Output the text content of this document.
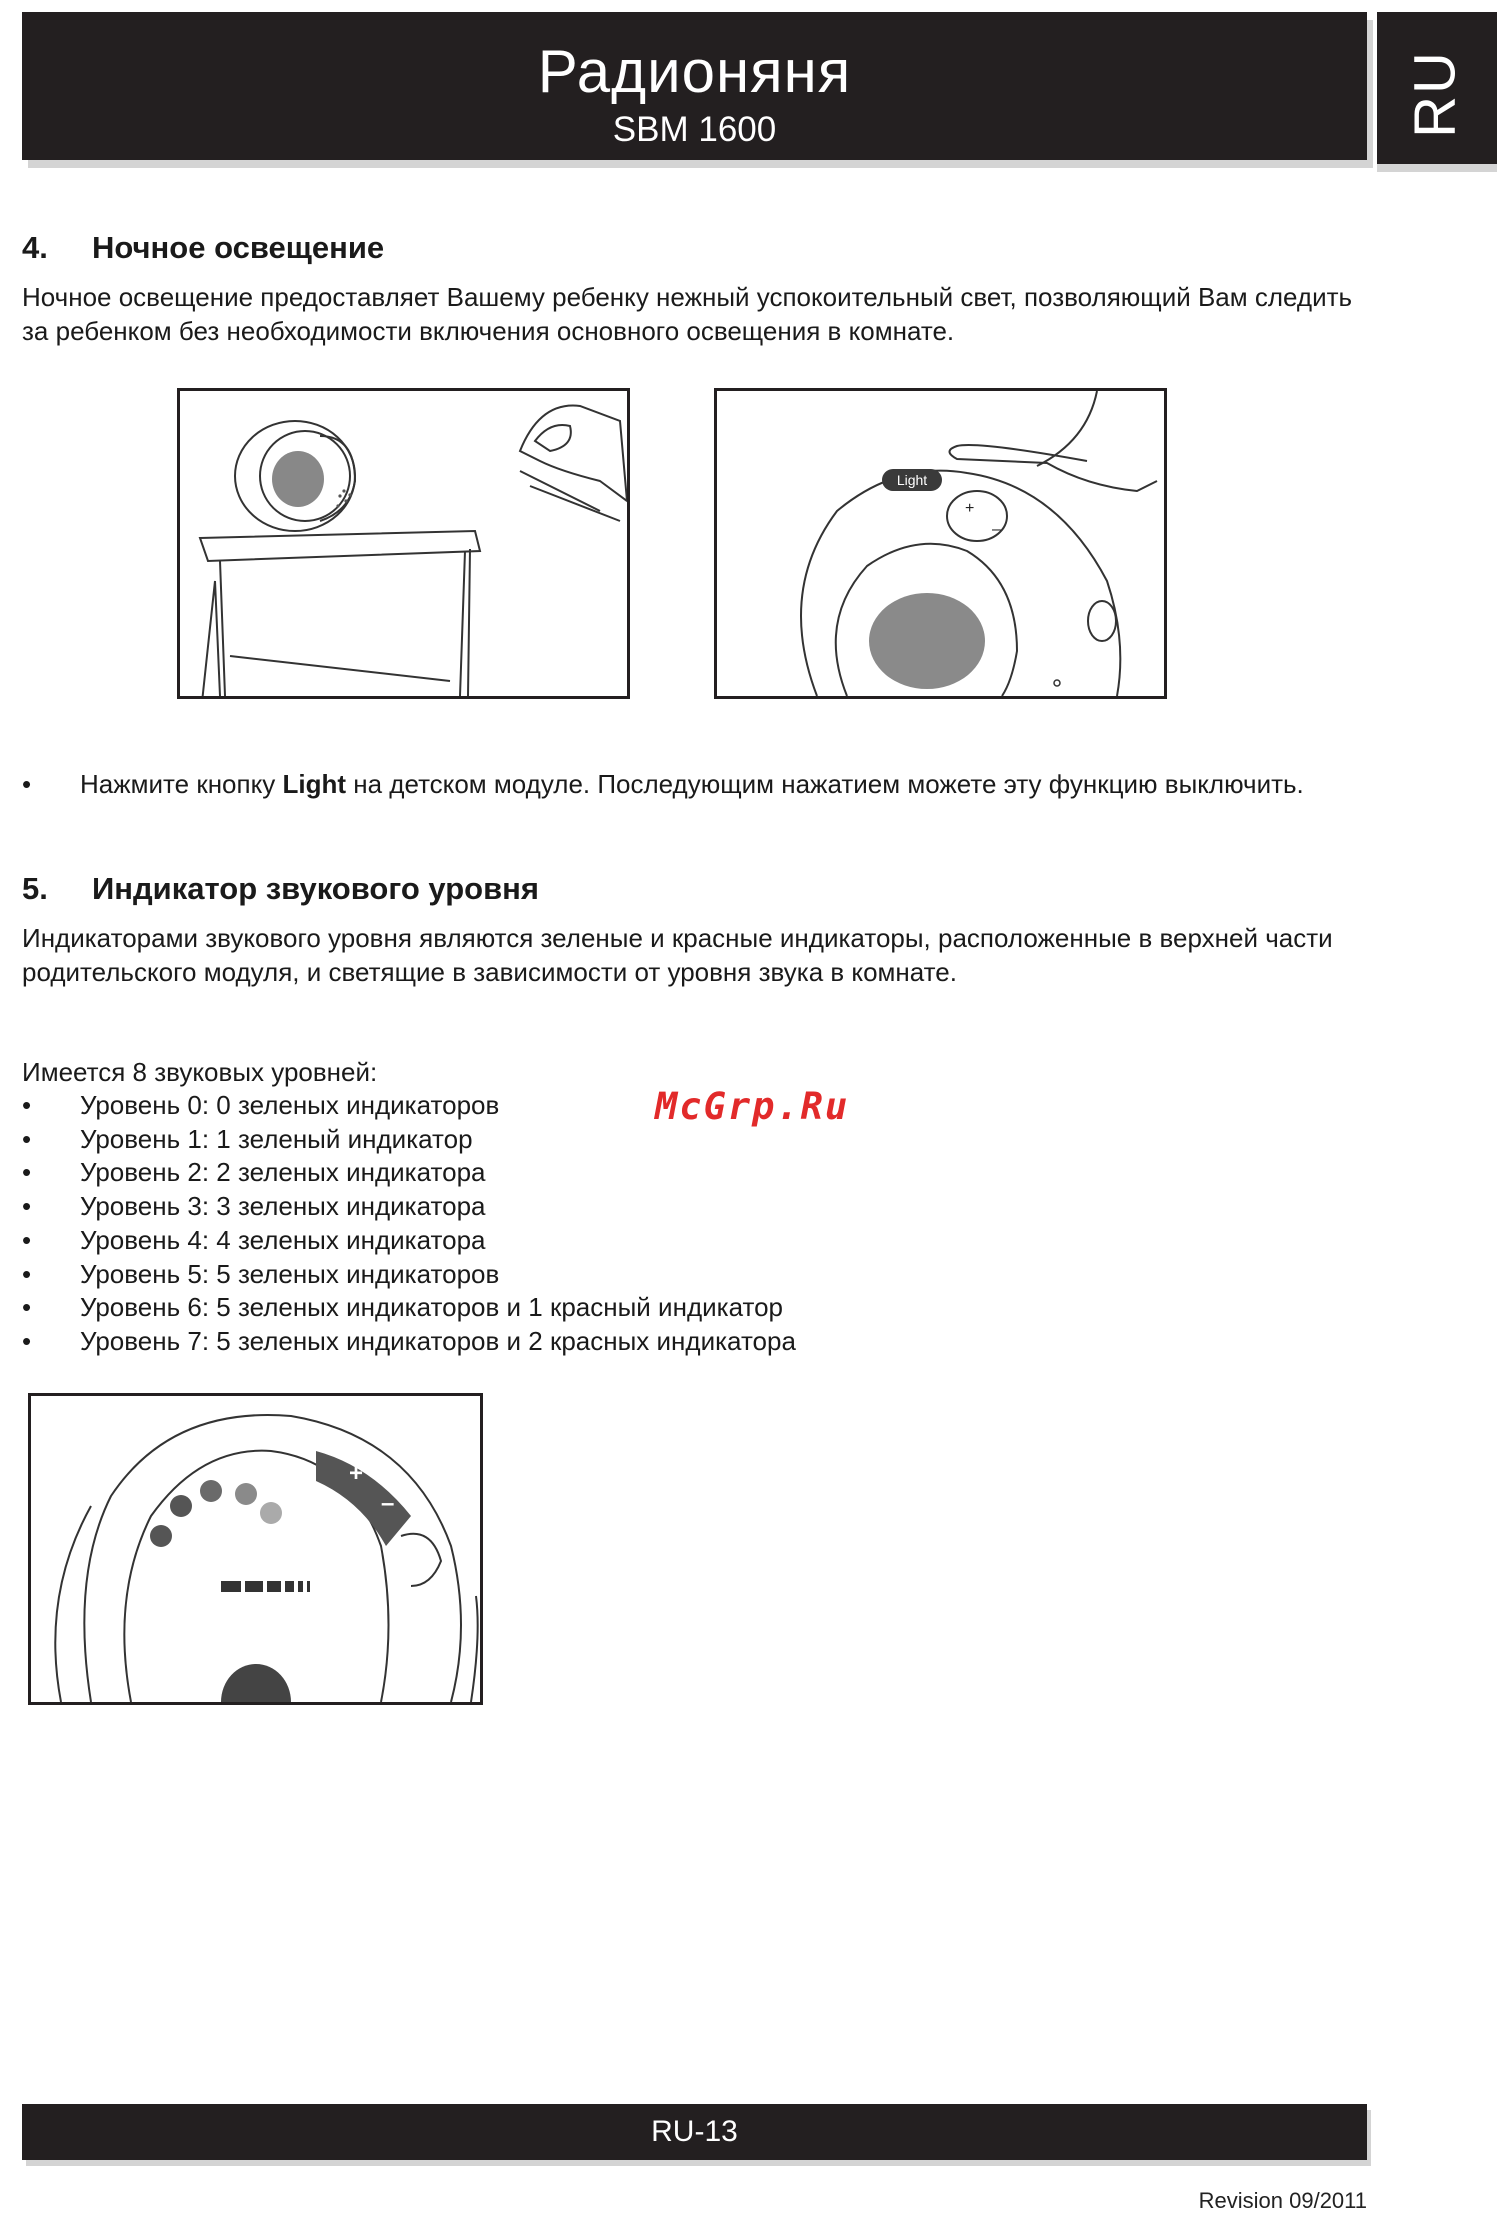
Радионяня
SBM 1600	RU
4. Ночное освещение

Ночное освещение предоставляет Вашему ребенку нежный успокоительный свет, позволяющий Вам следить за ребенком без необходимости включения основного освещения в комнате.

Light
+
–
• Нажмите кнопку Light на детском модуле. Последующим нажатием можете эту функцию выключить.
5. Индикатор звукового уровня

Индикаторами звукового уровня являются зеленые и красные индикаторы, расположенные в верхней части родительского модуля, и светящие в зависимости от уровня звука в комнате.

Имеется 8 звуковых уровней:

• Уровень 0: 0 зеленых индикаторов
• Уровень 1: 1 зеленый индикатор
• Уровень 2: 2 зеленых индикатора
• Уровень 3: 3 зеленых индикатора
• Уровень 4: 4 зеленых индикатора
• Уровень 5: 5 зеленых индикаторов
• Уровень 6: 5 зеленых индикаторов и 1 красный индикатор
• Уровень 7: 5 зеленых индикаторов и 2 красных индикатора
McGrp.Ru
+
–
RU-13
Revision 09/2011
